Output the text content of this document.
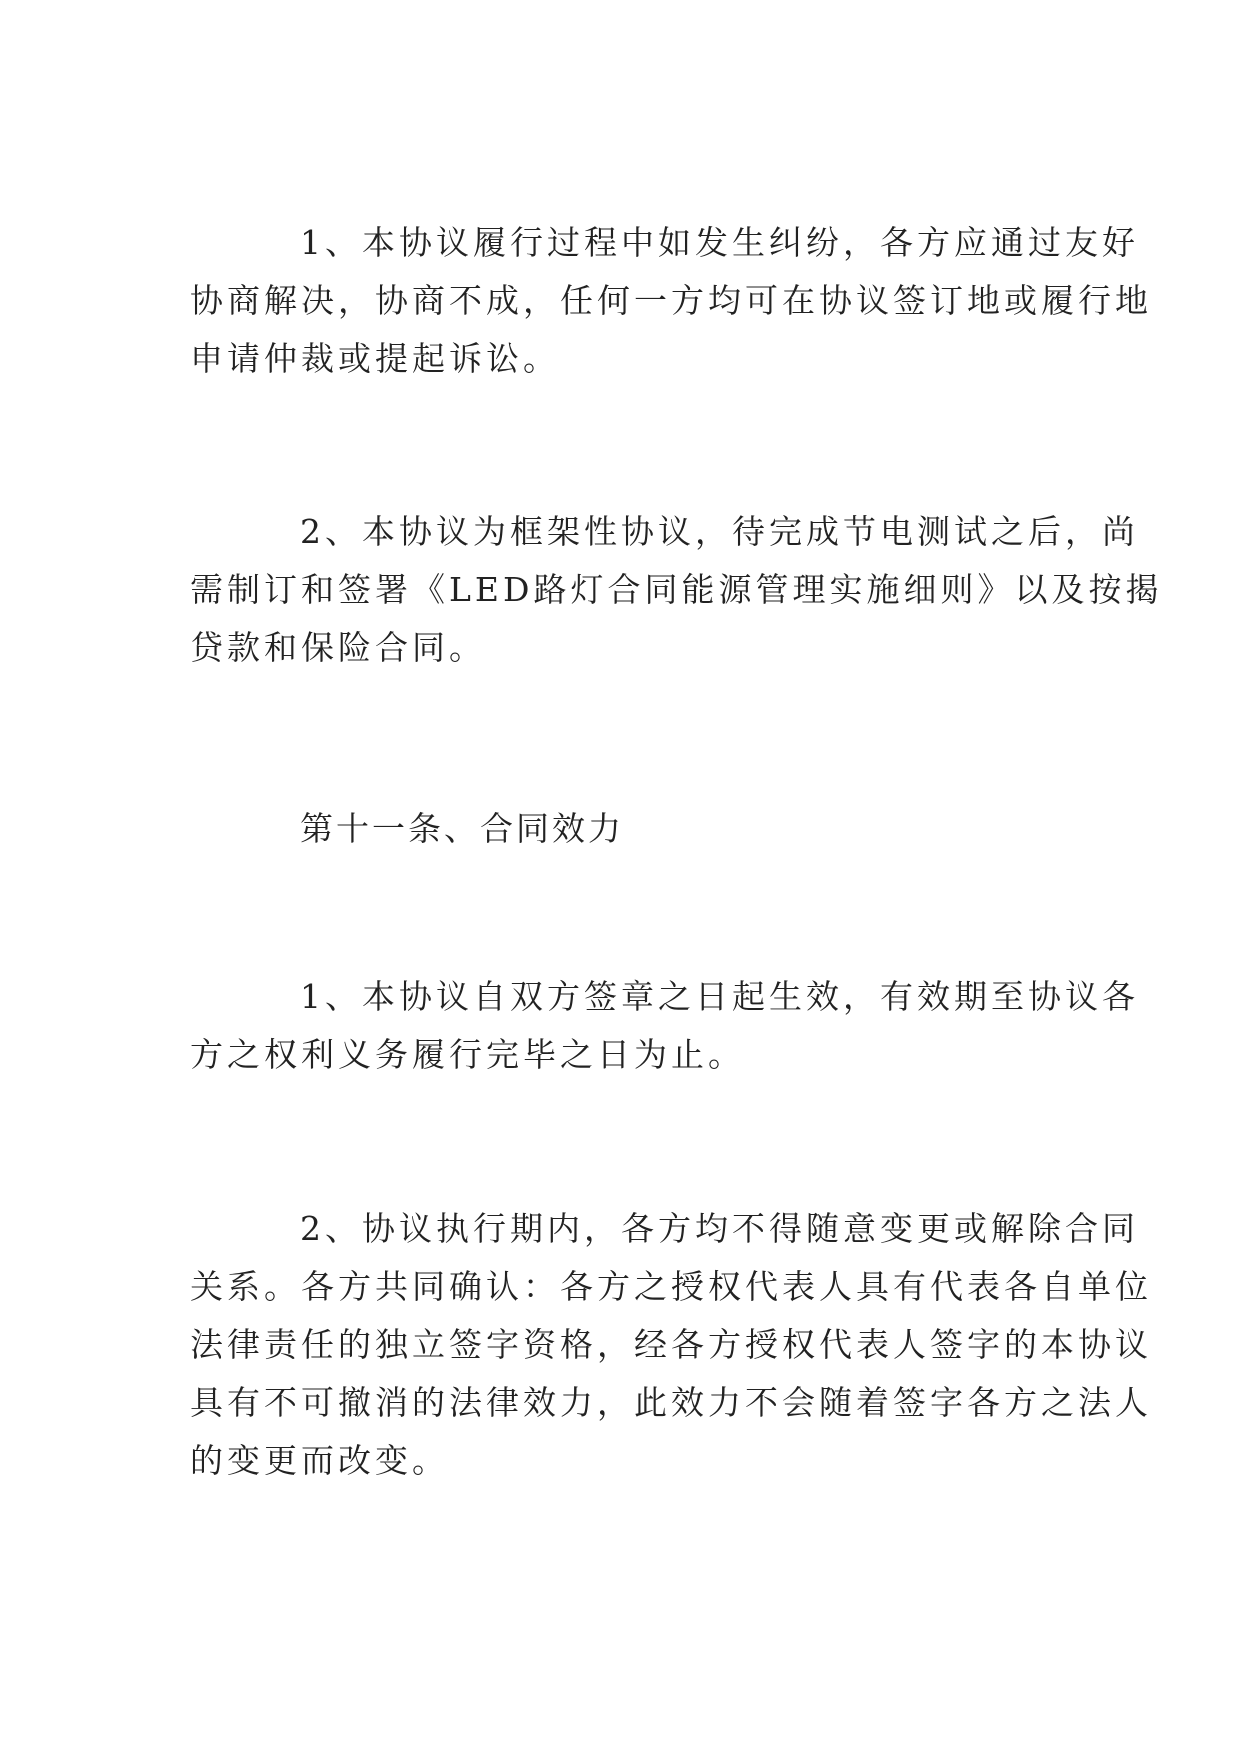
1、本协议履行过程中如发生纠纷，各方应通过友好
协商解决，协商不成，任何一方均可在协议签订地或履行地
申请仲裁或提起诉讼。

2、本协议为框架性协议，待完成节电测试之后，尚
需制订和签署《LED路灯合同能源管理实施细则》以及按揭
贷款和保险合同。

第十一条、合同效力

1、本协议自双方签章之日起生效，有效期至协议各
方之权利义务履行完毕之日为止。

2、协议执行期内，各方均不得随意变更或解除合同
关系。各方共同确认：各方之授权代表人具有代表各自单位
法律责任的独立签字资格，经各方授权代表人签字的本协议
具有不可撤消的法律效力，此效力不会随着签字各方之法人
的变更而改变。
